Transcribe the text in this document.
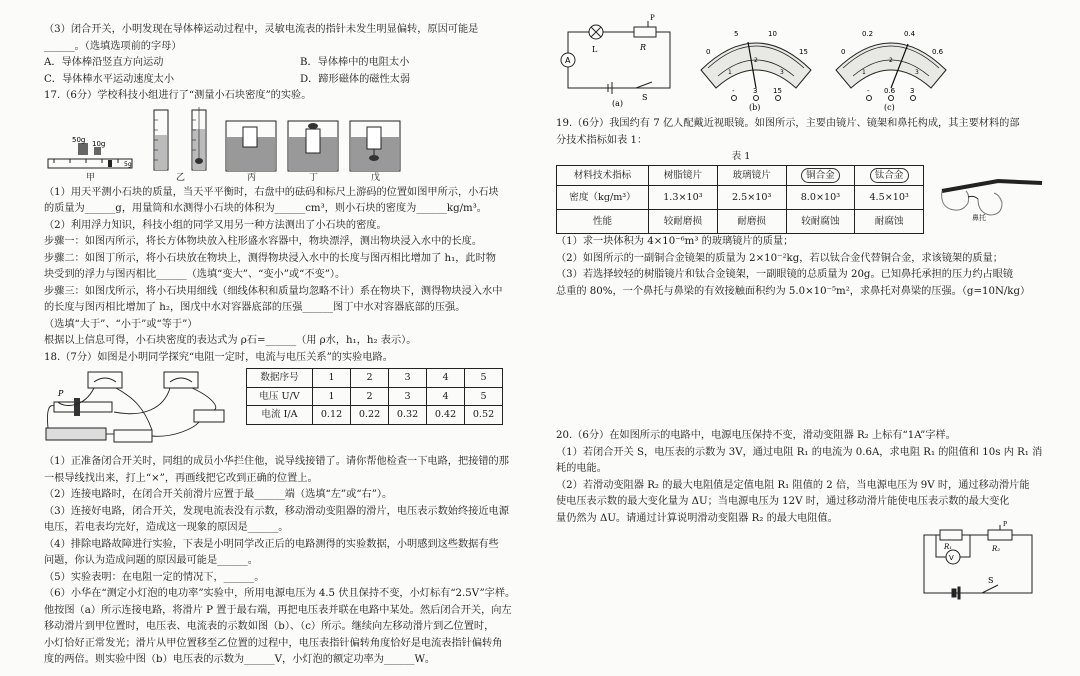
（3）闭合开关，小明发现在导体棒运动过程中，灵敏电流表的指针未发生明显偏转，原因可能是

______。（选填选项前的字母）

A．导体棒沿竖直方向运动	B．导体棒中的电阻太小
C．导体棒水平运动速度太小	D．蹄形磁体的磁性太弱

17.（6分）学校科技小组进行了“测量小石块密度”的实验。

50g 10g
5g
甲	乙	丙	丁	戊

（1）用天平测小石块的质量，当天平平衡时，右盘中的砝码和标尺上游码的位置如图甲所示，小石块

的质量为______g，用量筒和水测得小石块的体积为______cm³，则小石块的密度为______kg/m³。

（2）利用浮力知识，科技小组的同学又用另一种方法测出了小石块的密度。

步骤一：如图丙所示，将长方体物块放入柱形盛水容器中，物块漂浮，测出物块浸入水中的长度。

步骤二：如图丁所示，将小石块放在物块上，测得物块浸入水中的长度与图丙相比增加了 h₁，此时物

块受到的浮力与图丙相比______（选填“变大”、“变小”或“不变”）。

步骤三：如图戊所示，将小石块用细线（细线体积和质量均忽略不计）系在物块下，测得物块浸入水中

的长度与图丙相比增加了 h₂，图戊中水对容器底部的压强______图丁中水对容器底部的压强。

（选填“大于”、“小于”或“等于”）

根据以上信息可得，小石块密度的表达式为 ρ石=______（用 ρ水，h₁，h₂ 表示）。

18.（7分）如图是小明同学探究“电阻一定时，电流与电压关系”的实验电路。

P
数据序号	1	2	3	4	5
电压 U/V	1	2	3	4	5
电流 I/A	0.12	0.22	0.32	0.42	0.52

（1）正准备闭合开关时，同组的成员小华拦住他，说导线接错了。请你帮他检查一下电路，把接错的那

一根导线找出来，打上“×”，再画线把它改到正确的位置上。

（2）连接电路时，在闭合开关前滑片应置于最______端（选填“左”或“右”）。

（3）连接好电路，闭合开关，发现电流表没有示数，移动滑动变阻器的滑片，电压表示数始终接近电源

电压，若电表均完好，造成这一现象的原因是______。

（4）排除电路故障进行实验，下表是小明同学改正后的电路测得的实验数据，小明感到这些数据有些

问题，你认为造成问题的原因最可能是______。

（5）实验表明：在电阻一定的情况下，______。

（6）小华在“测定小灯泡的电功率”实验中，所用电源电压为 4.5 伏且保持不变，小灯标有“2.5V”字样。

他按图（a）所示连接电路，将滑片 P 置于最右端，再把电压表并联在电路中某处。然后闭合开关，向左

移动滑片到甲位置时，电压表、电流表的示数如图（b）、（c）所示。继续向左移动滑片到乙位置时，

小灯恰好正常发光；滑片从甲位置移至乙位置的过程中，电压表指针偏转角度恰好是电流表指针偏转角

度的两倍。则实验中图（b）电压表的示数为______V，小灯泡的额定功率为______W。

L	R
P
A
S
(a)
0
5	10
15
1
2
3
-	3 15
(b)
0
0.2	0.4
0.6
1
2
3
- 0.6 3
(c)

19.（6分）我国约有 7 亿人配戴近视眼镜。如图所示，主要由镜片、镜架和鼻托构成，其主要材料的部

分技术指标如表 1：

表 1

材料技术指标	树脂镜片	玻璃镜片	铜合金	钛合金
密度（kg/m³）	1.3×10³	2.5×10³	8.0×10³	4.5×10³
性能	较耐磨损	耐磨损	较耐腐蚀	耐腐蚀	鼻托

（1）求一块体积为 4×10⁻⁶m³ 的玻璃镜片的质量；

（2）如图所示的一副铜合金镜架的质量为 2×10⁻²kg，若以钛合金代替铜合金，求该镜架的质量；

（3）若选择较轻的树脂镜片和钛合金镜架，一副眼镜的总质量为 20g。已知鼻托承担的压力约占眼镜

总重的 80%，一个鼻托与鼻梁的有效接触面积约为 5.0×10⁻⁵m²，求鼻托对鼻梁的压强。（g=10N/kg）

20.（6分）在如图所示的电路中，电源电压保持不变，滑动变阻器 R₂ 上标有“1A”字样。

（1）若闭合开关 S，电压表的示数为 3V，通过电阻 R₁ 的电流为 0.6A，求电阻 R₁ 的阻值和 10s 内 R₁ 消

耗的电能。

（2）若滑动变阻器 R₂ 的最大电阻值是定值电阻 R₁ 阻值的 2 倍，当电源电压为 9V 时，通过移动滑片能

使电压表示数的最大变化量为 ΔU；当电源电压为 12V 时，通过移动滑片能使电压表示数的最大变化

量仍然为 ΔU。请通过计算说明滑动变阻器 R₂ 的最大电阻值。

R₁	R₂
V
S
P
